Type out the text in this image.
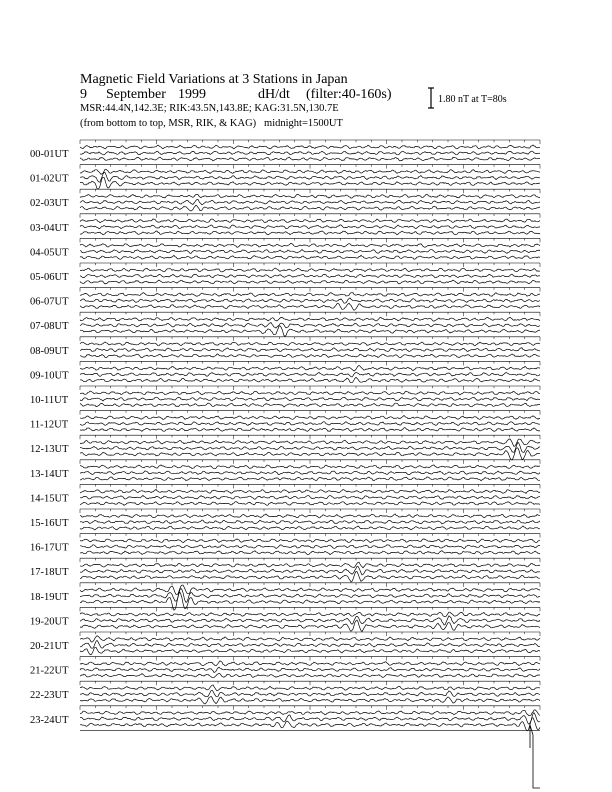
Magnetic Field Variations at 3 Stations in Japan
9 September 1999	dH/dt (filter:40-160s)
MSR:44.4N,142.3E; RIK:43.5N,143.8E; KAG:31.5N,130.7E
(from bottom to top, MSR, RIK, & KAG)   midnight=1500UT
1.80 nT at T=80s
00-01UT
01-02UT
02-03UT
03-04UT
04-05UT
05-06UT
06-07UT
07-08UT
08-09UT
09-10UT
10-11UT
11-12UT
12-13UT
13-14UT
14-15UT
15-16UT
16-17UT
17-18UT
18-19UT
19-20UT
20-21UT
21-22UT
22-23UT
23-24UT
